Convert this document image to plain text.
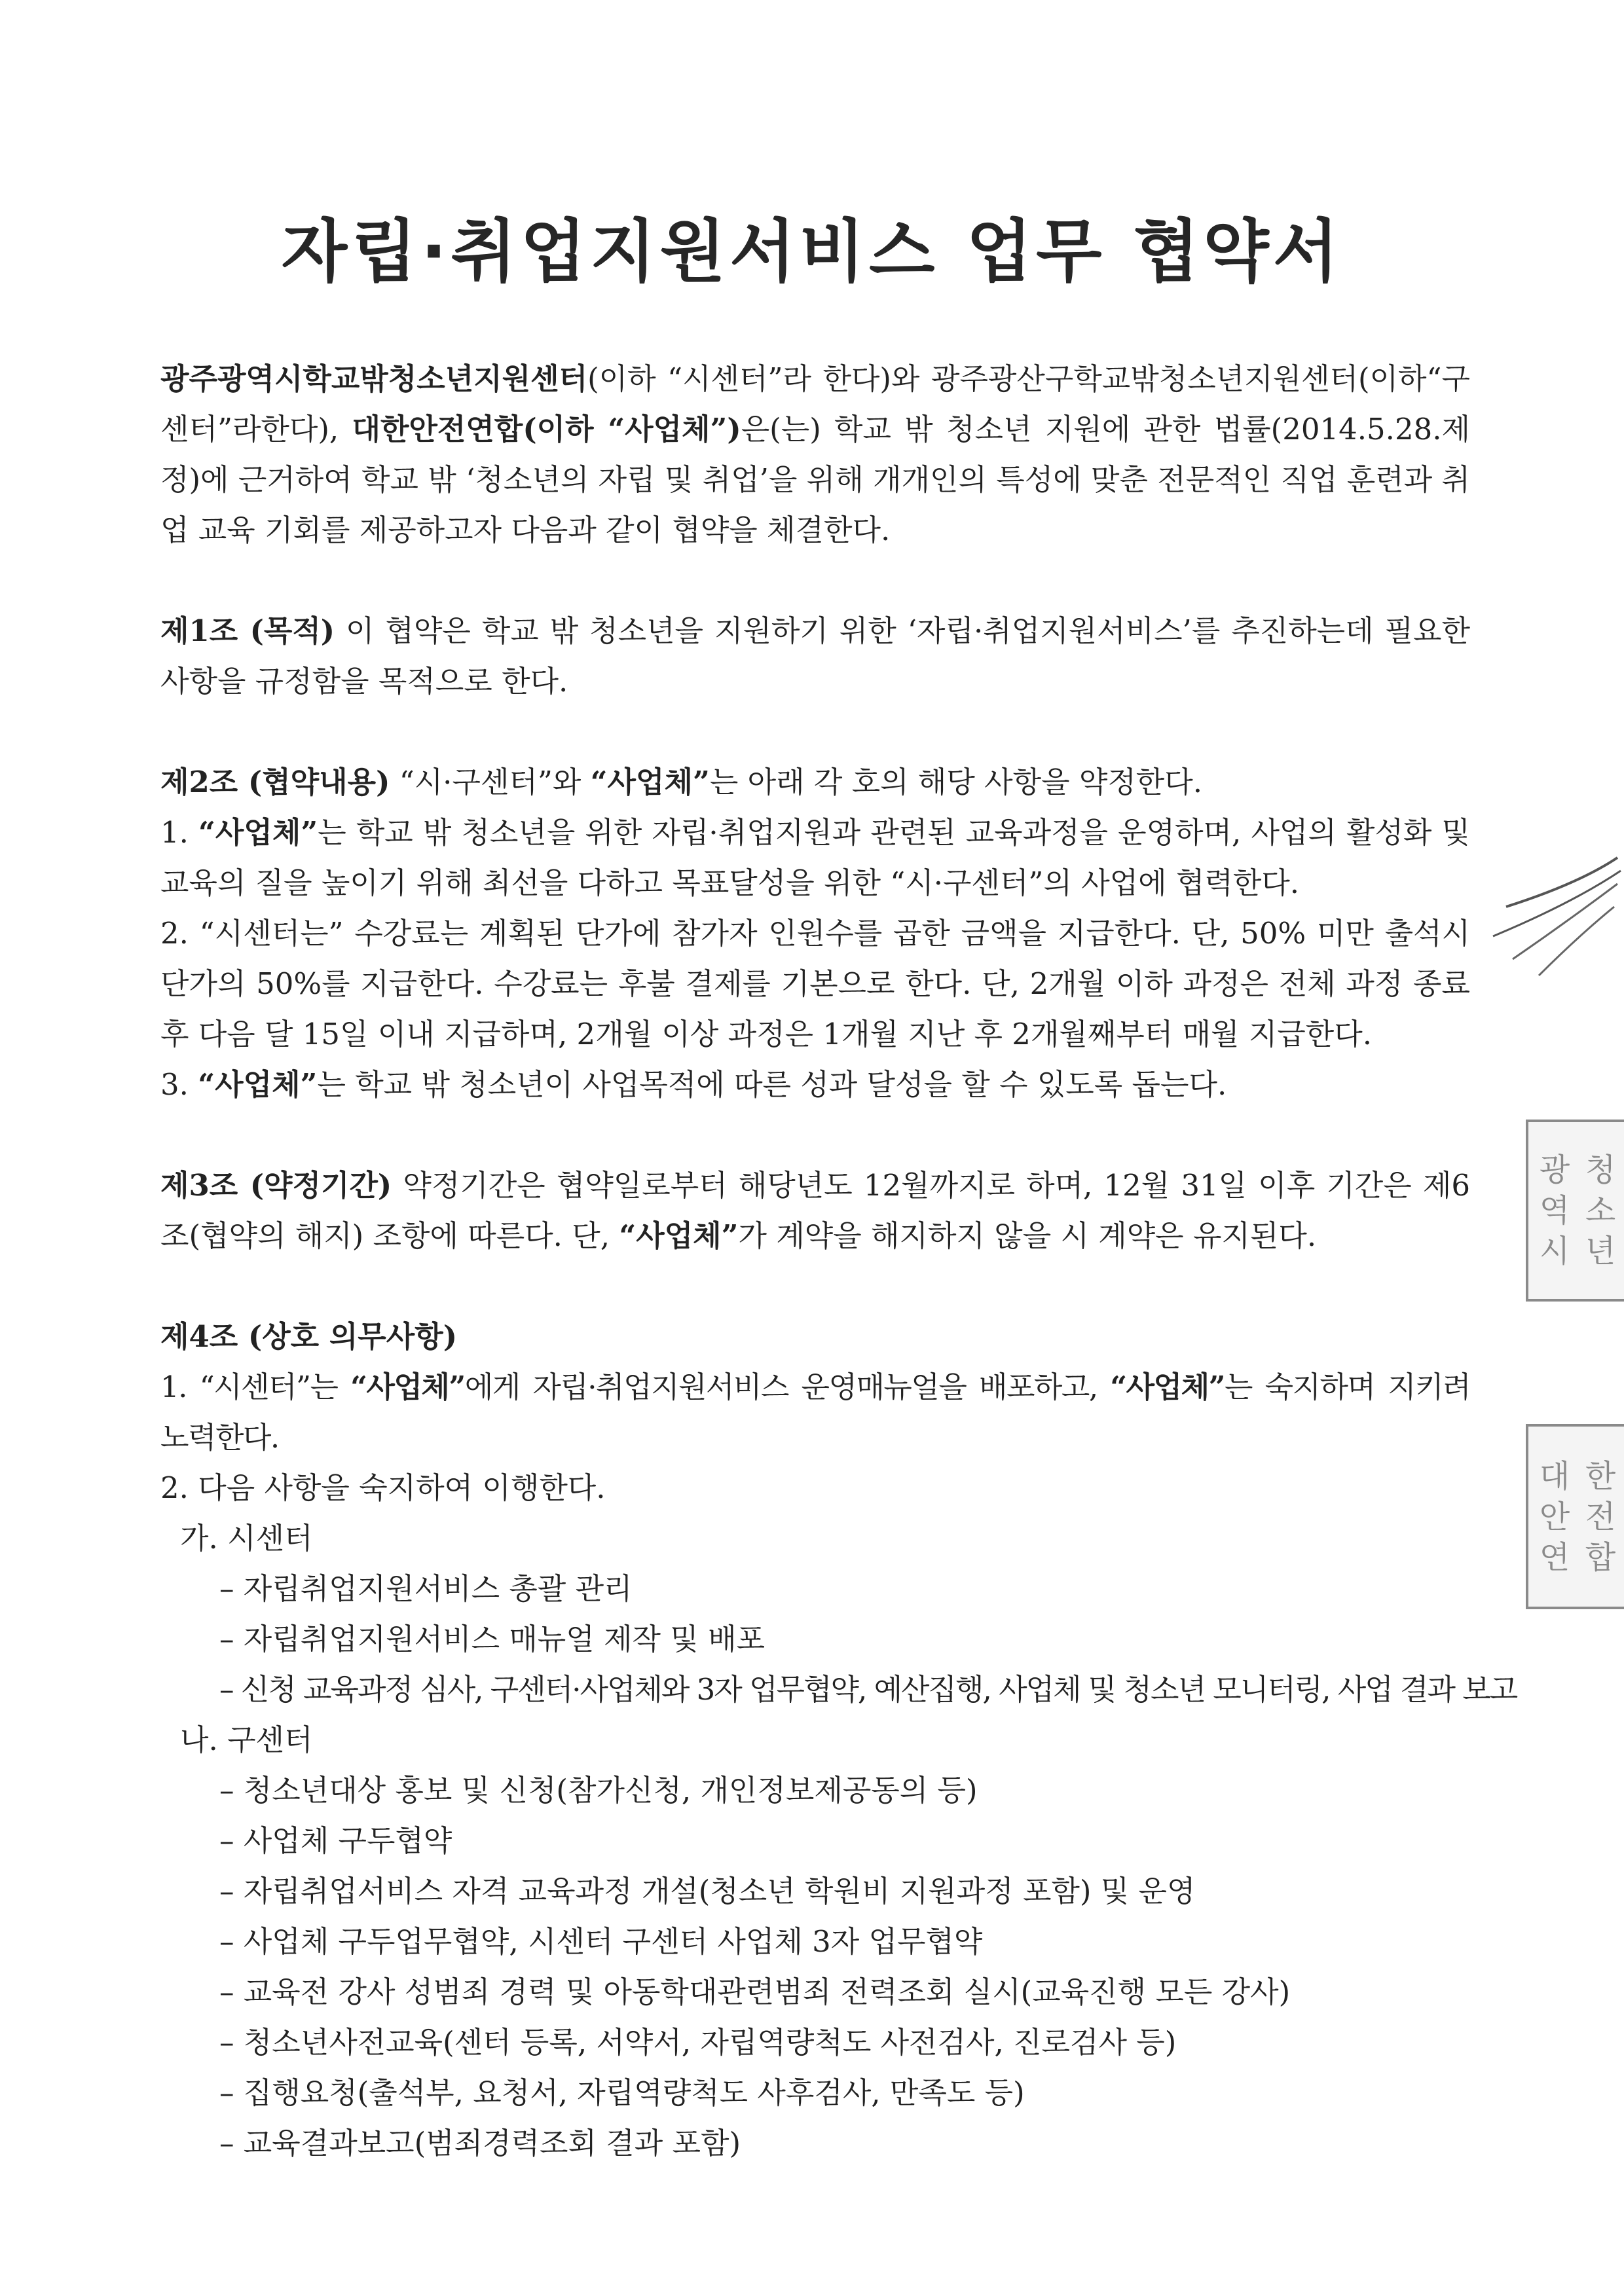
자립·취업지원서비스 업무 협약서

광주광역시학교밖청소년지원센터(이하 “시센터”라 한다)와 광주광산구학교밖청소년지원센터(이하“구센터”라한다), 대한안전연합(이하 “사업체”)은(는) 학교 밖 청소년 지원에 관한 법률(2014.5.28.제정)에 근거하여 학교 밖 ‘청소년의 자립 및 취업’을 위해 개개인의 특성에 맞춘 전문적인 직업 훈련과 취업 교육 기회를 제공하고자 다음과 같이 협약을 체결한다.

제1조 (목적) 이 협약은 학교 밖 청소년을 지원하기 위한 ‘자립·취업지원서비스’를 추진하는데 필요한 사항을 규정함을 목적으로 한다.

제2조 (협약내용) “시·구센터”와 “사업체”는 아래 각 호의 해당 사항을 약정한다.

1. “사업체”는 학교 밖 청소년을 위한 자립·취업지원과 관련된 교육과정을 운영하며, 사업의 활성화 및 교육의 질을 높이기 위해 최선을 다하고 목표달성을 위한 “시·구센터”의 사업에 협력한다.

2. “시센터는” 수강료는 계획된 단가에 참가자 인원수를 곱한 금액을 지급한다. 단, 50% 미만 출석시 단가의 50%를 지급한다. 수강료는 후불 결제를 기본으로 한다. 단, 2개월 이하 과정은 전체 과정 종료 후 다음 달 15일 이내 지급하며, 2개월 이상 과정은 1개월 지난 후 2개월째부터 매월 지급한다.

3. “사업체”는 학교 밖 청소년이 사업목적에 따른 성과 달성을 할 수 있도록 돕는다.

제3조 (약정기간) 약정기간은 협약일로부터 해당년도 12월까지로 하며, 12월 31일 이후 기간은 제6조(협약의 해지) 조항에 따른다. 단, “사업체”가 계약을 해지하지 않을 시 계약은 유지된다.

제4조 (상호 의무사항)

1. “시센터”는 “사업체”에게 자립·취업지원서비스 운영매뉴얼을 배포하고, “사업체”는 숙지하며 지키려 노력한다.

2. 다음 사항을 숙지하여 이행한다.

가. 시센터

– 자립취업지원서비스 총괄 관리

– 자립취업지원서비스 매뉴얼 제작 및 배포

– 신청 교육과정 심사, 구센터·사업체와 3자 업무협약, 예산집행, 사업체 및 청소년 모니터링, 사업 결과 보고

나. 구센터

– 청소년대상 홍보 및 신청(참가신청, 개인정보제공동의 등)

– 사업체 구두협약

– 자립취업서비스 자격 교육과정 개설(청소년 학원비 지원과정 포함) 및 운영

– 사업체 구두업무협약, 시센터 구센터 사업체 3자 업무협약

– 교육전 강사 성범죄 경력 및 아동학대관련범죄 전력조회 실시(교육진행 모든 강사)

– 청소년사전교육(센터 등록, 서약서, 자립역량척도 사전검사, 진로검사 등)

– 집행요청(출석부, 요청서, 자립역량척도 사후검사, 만족도 등)

– 교육결과보고(범죄경력조회 결과 포함)

광 청
역 소
시 년
대 한
안 전
연 합
